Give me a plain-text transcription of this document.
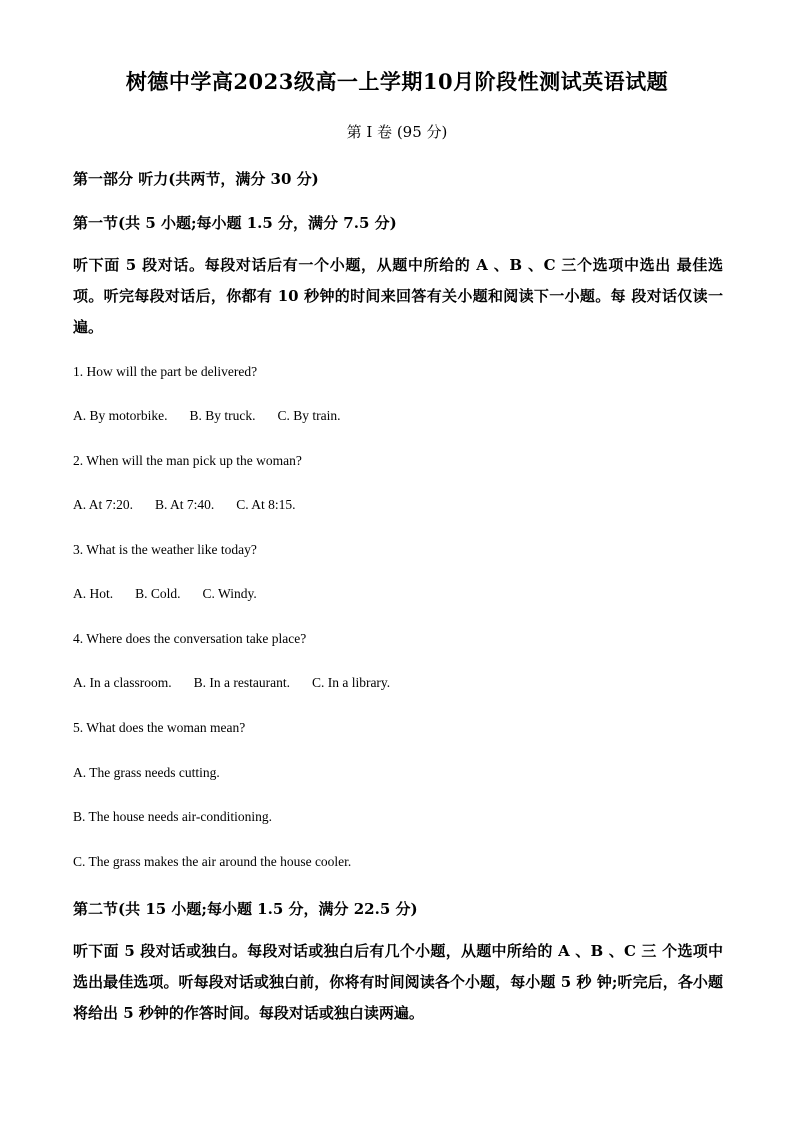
树德中学高2023级高一上学期10月阶段性测试英语试题
第 I 卷 (95 分)
第一部分 听力(共两节，满分 30 分)
第一节(共 5 小题;每小题 1.5 分，满分 7.5 分)
听下面 5 段对话。每段对话后有一个小题，从题中所给的 A 、B 、C 三个选项中选出 最佳选项。听完每段对话后，你都有 10 秒钟的时间来回答有关小题和阅读下一小题。每 段对话仅读一遍。
1. How will the part be delivered?
A. By motorbike. B. By truck. C. By train.
2. When will the man pick up the woman?
A. At 7:20. B. At 7:40. C. At 8:15.
3. What is the weather like today?
A. Hot. B. Cold. C. Windy.
4. Where does the conversation take place?
A. In a classroom. B. In a restaurant. C. In a library.
5. What does the woman mean?
A. The grass needs cutting.
B. The house needs air-conditioning.
C. The grass makes the air around the house cooler.
第二节(共 15 小题;每小题 1.5 分，满分 22.5 分)
听下面 5 段对话或独白。每段对话或独白后有几个小题，从题中所给的 A 、B 、C 三 个选项中选出最佳选项。听每段对话或独白前，你将有时间阅读各个小题，每小题 5 秒 钟;听完后，各小题将给出 5 秒钟的作答时间。每段对话或独白读两遍。
